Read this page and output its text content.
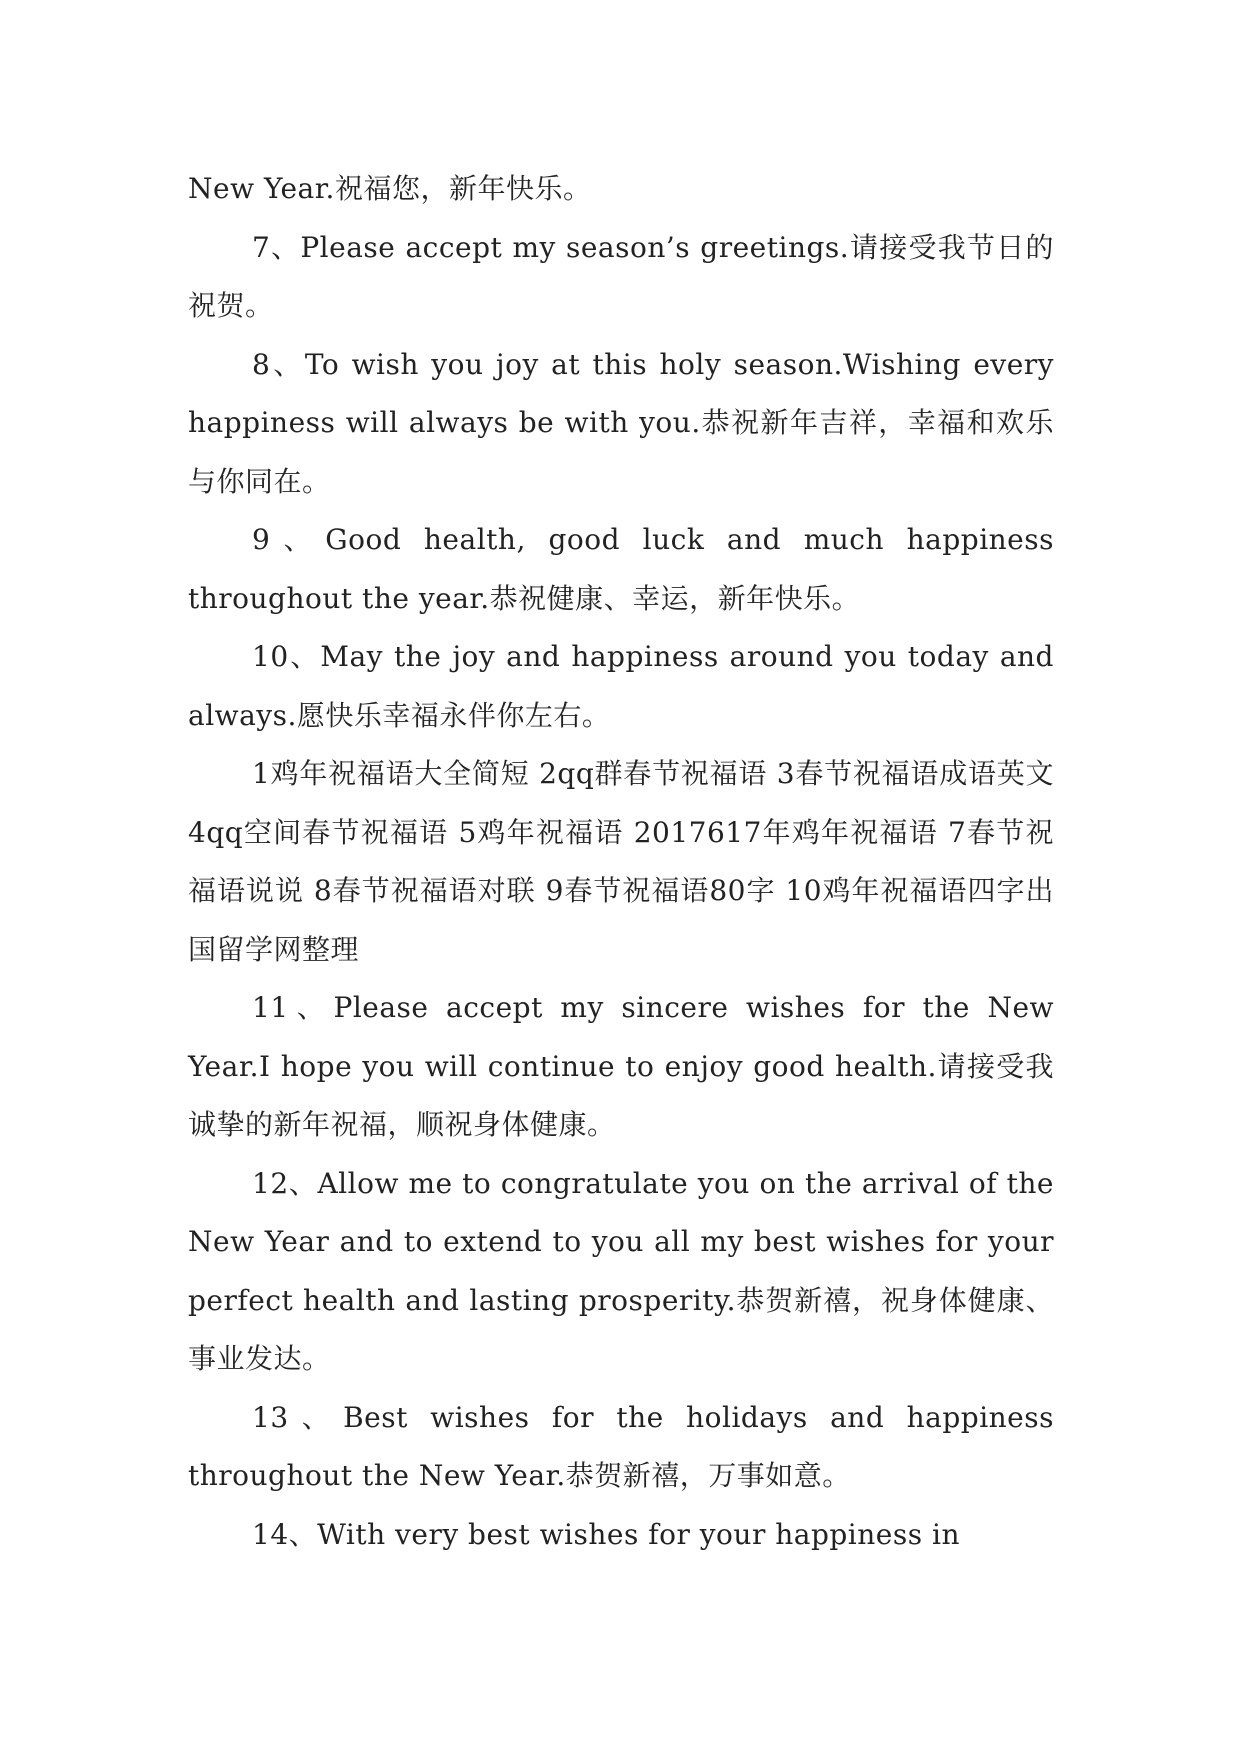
New Year.祝福您，新年快乐。

7、Please accept my season’s greetings.请接受我节日的祝贺。

8、To wish you joy at this holy season.Wishing every happiness will always be with you.恭祝新年吉祥，幸福和欢乐与你同在。

9、Good health, good luck and much happiness throughout the year.恭祝健康、幸运，新年快乐。

10、May the joy and happiness around you today and always.愿快乐幸福永伴你左右。

1鸡年祝福语大全简短 2qq群春节祝福语 3春节祝福语成语英文 4qq空间春节祝福语 5鸡年祝福语 2017617年鸡年祝福语 7春节祝福语说说 8春节祝福语对联 9春节祝福语80字 10鸡年祝福语四字出国留学网整理

11、Please accept my sincere wishes for the New Year.I hope you will continue to enjoy good health.请接受我诚挚的新年祝福，顺祝身体健康。

12、Allow me to congratulate you on the arrival of the New Year and to extend to you all my best wishes for your perfect health and lasting prosperity.恭贺新禧，祝身体健康、事业发达。

13、Best wishes for the holidays and happiness throughout the New Year.恭贺新禧，万事如意。

14、With very best wishes for your happiness in
